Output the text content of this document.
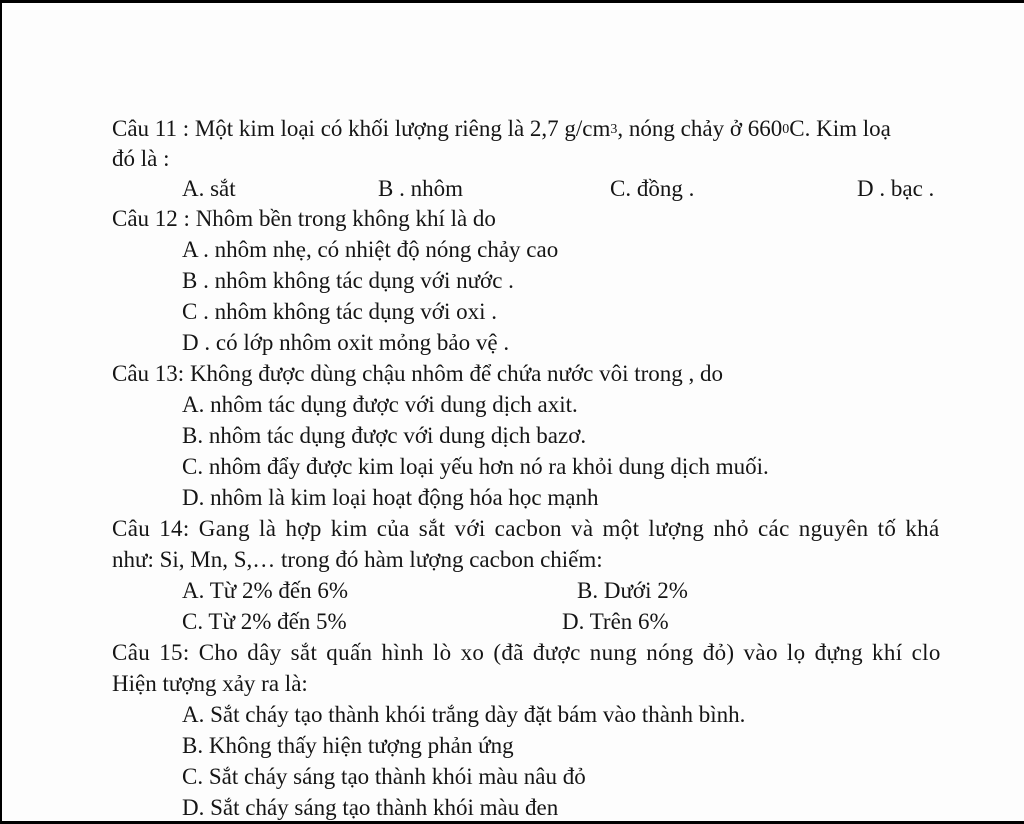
Câu 11 : Một kim loại có khối lượng riêng là 2,7 $g/cm^3$, nóng chảy ở $660^0C$. Kim loạ
đó là :
A. sắt	B . nhôm	C. đồng .	D . bạc .
Câu 12 : Nhôm bền trong không khí là do
A . nhôm nhẹ, có nhiệt độ nóng chảy cao
B . nhôm không tác dụng với nước .
C . nhôm không tác dụng với oxi .
D . có lớp nhôm oxit mỏng bảo vệ .
Câu 13: Không được dùng chậu nhôm để chứa nước vôi trong , do
A. nhôm tác dụng được với dung dịch axit.
B. nhôm tác dụng được với dung dịch bazơ.
C. nhôm đẩy được kim loại yếu hơn nó ra khỏi dung dịch muối.
D. nhôm là kim loại hoạt động hóa học mạnh
Câu 14: Gang là hợp kim của sắt với cacbon và một lượng nhỏ các nguyên tố khá
như: Si, Mn, S,… trong đó hàm lượng cacbon chiếm:
A. Từ 2% đến 6%	B. Dưới 2%
C. Từ 2% đến 5%	D. Trên 6%
Câu 15: Cho dây sắt quấn hình lò xo (đã được nung nóng đỏ) vào lọ đựng khí clo
Hiện tượng xảy ra là:
A. Sắt cháy tạo thành khói trắng dày đặt bám vào thành bình.
B. Không thấy hiện tượng phản ứng
C. Sắt cháy sáng tạo thành khói màu nâu đỏ
D. Sắt cháy sáng tạo thành khói màu đen
